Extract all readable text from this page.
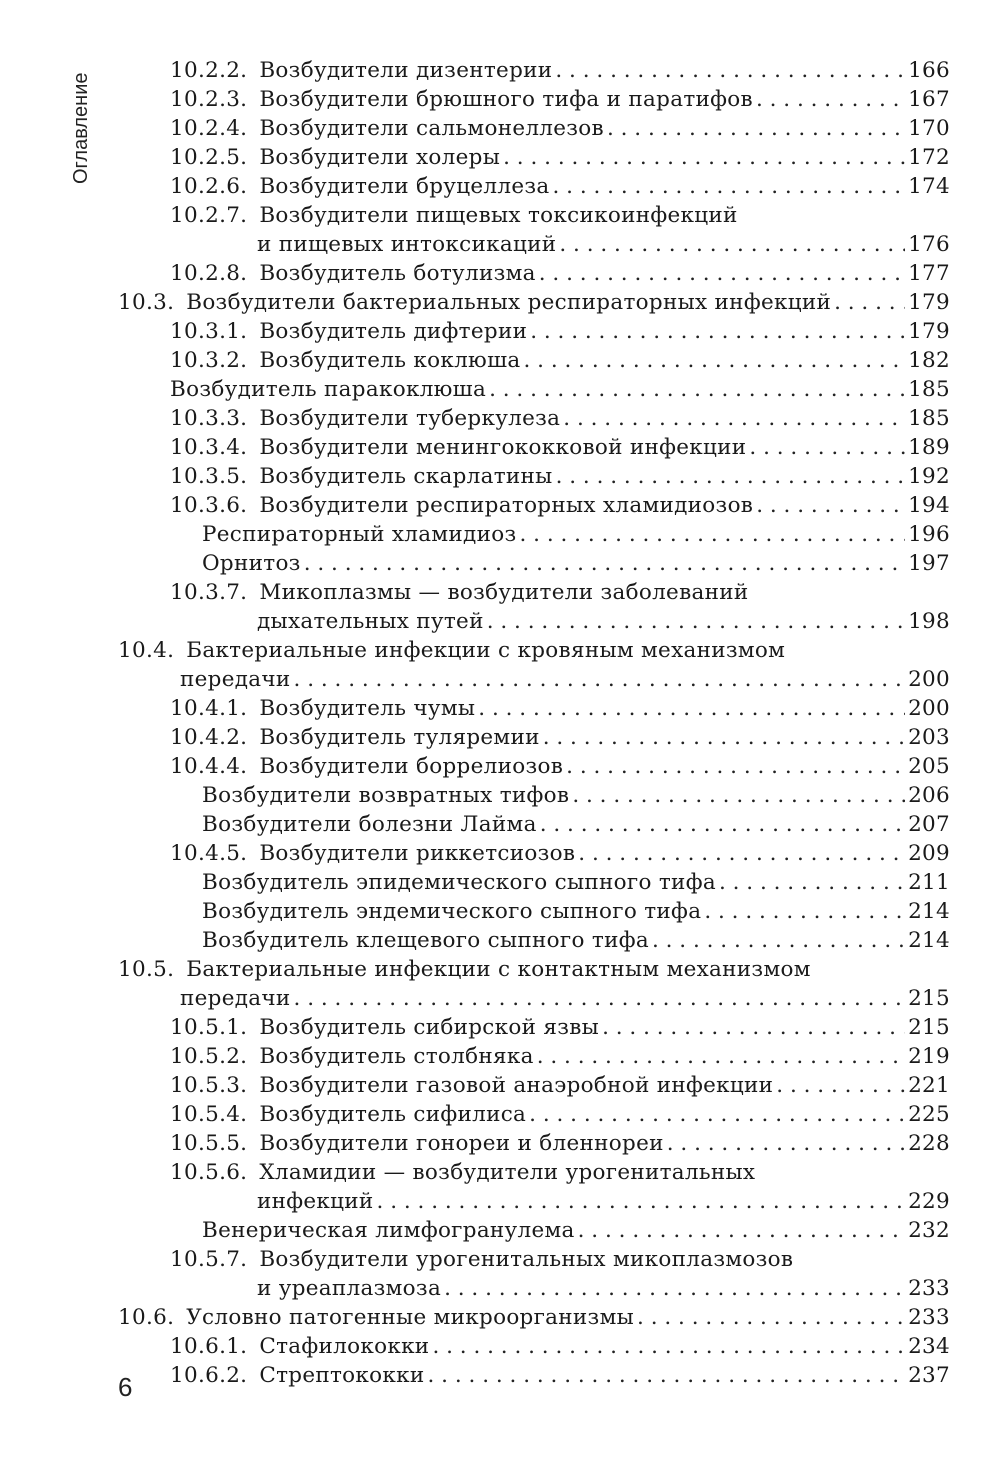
Оглавление
10.2.2. Возбудители дизентерии . . .	166
10.2.3. Возбудители брюшного тифа и паратифов . . .	167
10.2.4. Возбудители сальмонеллезов . . .	170
10.2.5. Возбудители холеры . . .	172
10.2.6. Возбудители бруцеллеза . . .	174
10.2.7. Возбудители пищевых токсикоинфекций
и пищевых интоксикаций . . .	176
10.2.8. Возбудитель ботулизма . . .	177
10.3. Возбудители бактериальных респираторных инфекций . . .	179
10.3.1. Возбудитель дифтерии . . .	179
10.3.2. Возбудитель коклюша . . .	182
Возбудитель паракоклюша . . .	185
10.3.3. Возбудители туберкулеза . . .	185
10.3.4. Возбудители менингококковой инфекции . . .	189
10.3.5. Возбудитель скарлатины . . .	192
10.3.6. Возбудители респираторных хламидиозов . . .	194
Респираторный хламидиоз . . .	196
Орнитоз . . .	197
10.3.7. Микоплазмы — возбудители заболеваний
дыхательных путей . . .	198
10.4. Бактериальные инфекции с кровяным механизмом
передачи . . .	200
10.4.1. Возбудитель чумы . . .	200
10.4.2. Возбудитель туляремии . . .	203
10.4.4. Возбудители боррелиозов . . .	205
Возбудители возвратных тифов . . .	206
Возбудители болезни Лайма . . .	207
10.4.5. Возбудители риккетсиозов . . .	209
Возбудитель эпидемического сыпного тифа . . .	211
Возбудитель эндемического сыпного тифа . . .	214
Возбудитель клещевого сыпного тифа . . .	214
10.5. Бактериальные инфекции с контактным механизмом
передачи . . .	215
10.5.1. Возбудитель сибирской язвы . . .	215
10.5.2. Возбудитель столбняка . . .	219
10.5.3. Возбудители газовой анаэробной инфекции . . .	221
10.5.4. Возбудитель сифилиса . . .	225
10.5.5. Возбудители гонореи и бленнореи . . .	228
10.5.6. Хламидии — возбудители урогенитальных
инфекций . . .	229
Венерическая лимфогранулема . . .	232
10.5.7. Возбудители урогенитальных микоплазмозов
и уреаплазмоза . . .	233
10.6. Условно патогенные микроорганизмы . . .	233
10.6.1. Стафилококки . . .	234
10.6.2. Стрептококки . . .	237
6
